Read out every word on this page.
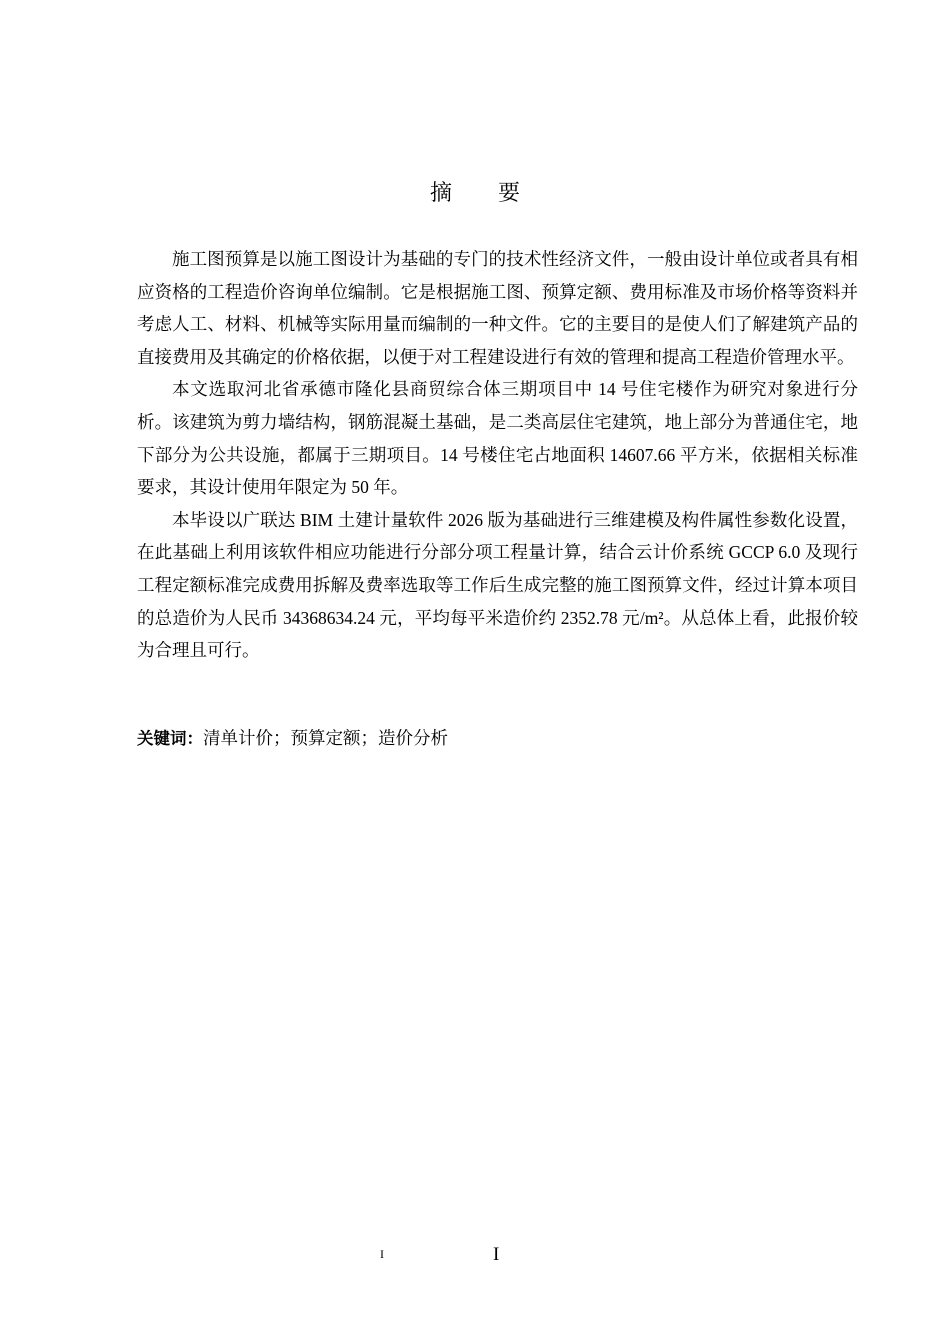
摘要

施工图预算是以施工图设计为基础的专门的技术性经济文件，一般由设计单位或者具有相应资格的工程造价咨询单位编制。它是根据施工图、预算定额、费用标准及市场价格等资料并考虑人工、材料、机械等实际用量而编制的一种文件。它的主要目的是使人们了解建筑产品的直接费用及其确定的价格依据，以便于对工程建设进行有效的管理和提高工程造价管理水平。

本文选取河北省承德市隆化县商贸综合体三期项目中 14 号住宅楼作为研究对象进行分析。该建筑为剪力墙结构，钢筋混凝土基础，是二类高层住宅建筑，地上部分为普通住宅，地下部分为公共设施，都属于三期项目。14 号楼住宅占地面积 14607.66 平方米，依据相关标准要求，其设计使用年限定为 50 年。

本毕设以广联达 BIM 土建计量软件 2026 版为基础进行三维建模及构件属性参数化设置，在此基础上利用该软件相应功能进行分部分项工程量计算，结合云计价系统 GCCP 6.0 及现行工程定额标准完成费用拆解及费率选取等工作后生成完整的施工图预算文件，经过计算本项目的总造价为人民币 34368634.24 元，平均每平米造价约 2352.78 元/m²。从总体上看，此报价较为合理且可行。

关键词：清单计价；预算定额；造价分析
I	I
